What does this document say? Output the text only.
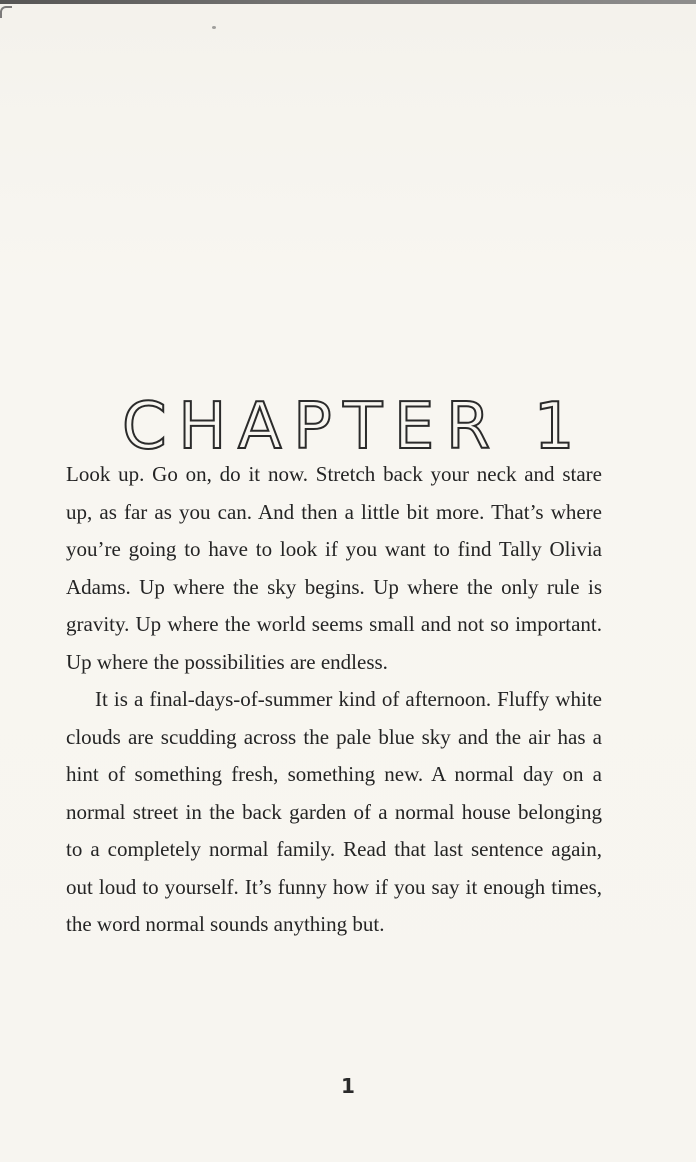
CHAPTER 1

Look up. Go on, do it now. Stretch back your neck and stare up, as far as you can. And then a little bit more. That’s where you’re going to have to look if you want to find Tally Olivia Adams. Up where the sky begins. Up where the only rule is gravity. Up where the world seems small and not so important. Up where the possibilities are endless.

It is a final-days-of-summer kind of afternoon. Fluffy white clouds are scudding across the pale blue sky and the air has a hint of something fresh, something new. A normal day on a normal street in the back garden of a normal house belonging to a completely normal family. Read that last sentence again, out loud to yourself. It’s funny how if you say it enough times, the word normal sounds anything but.

1
